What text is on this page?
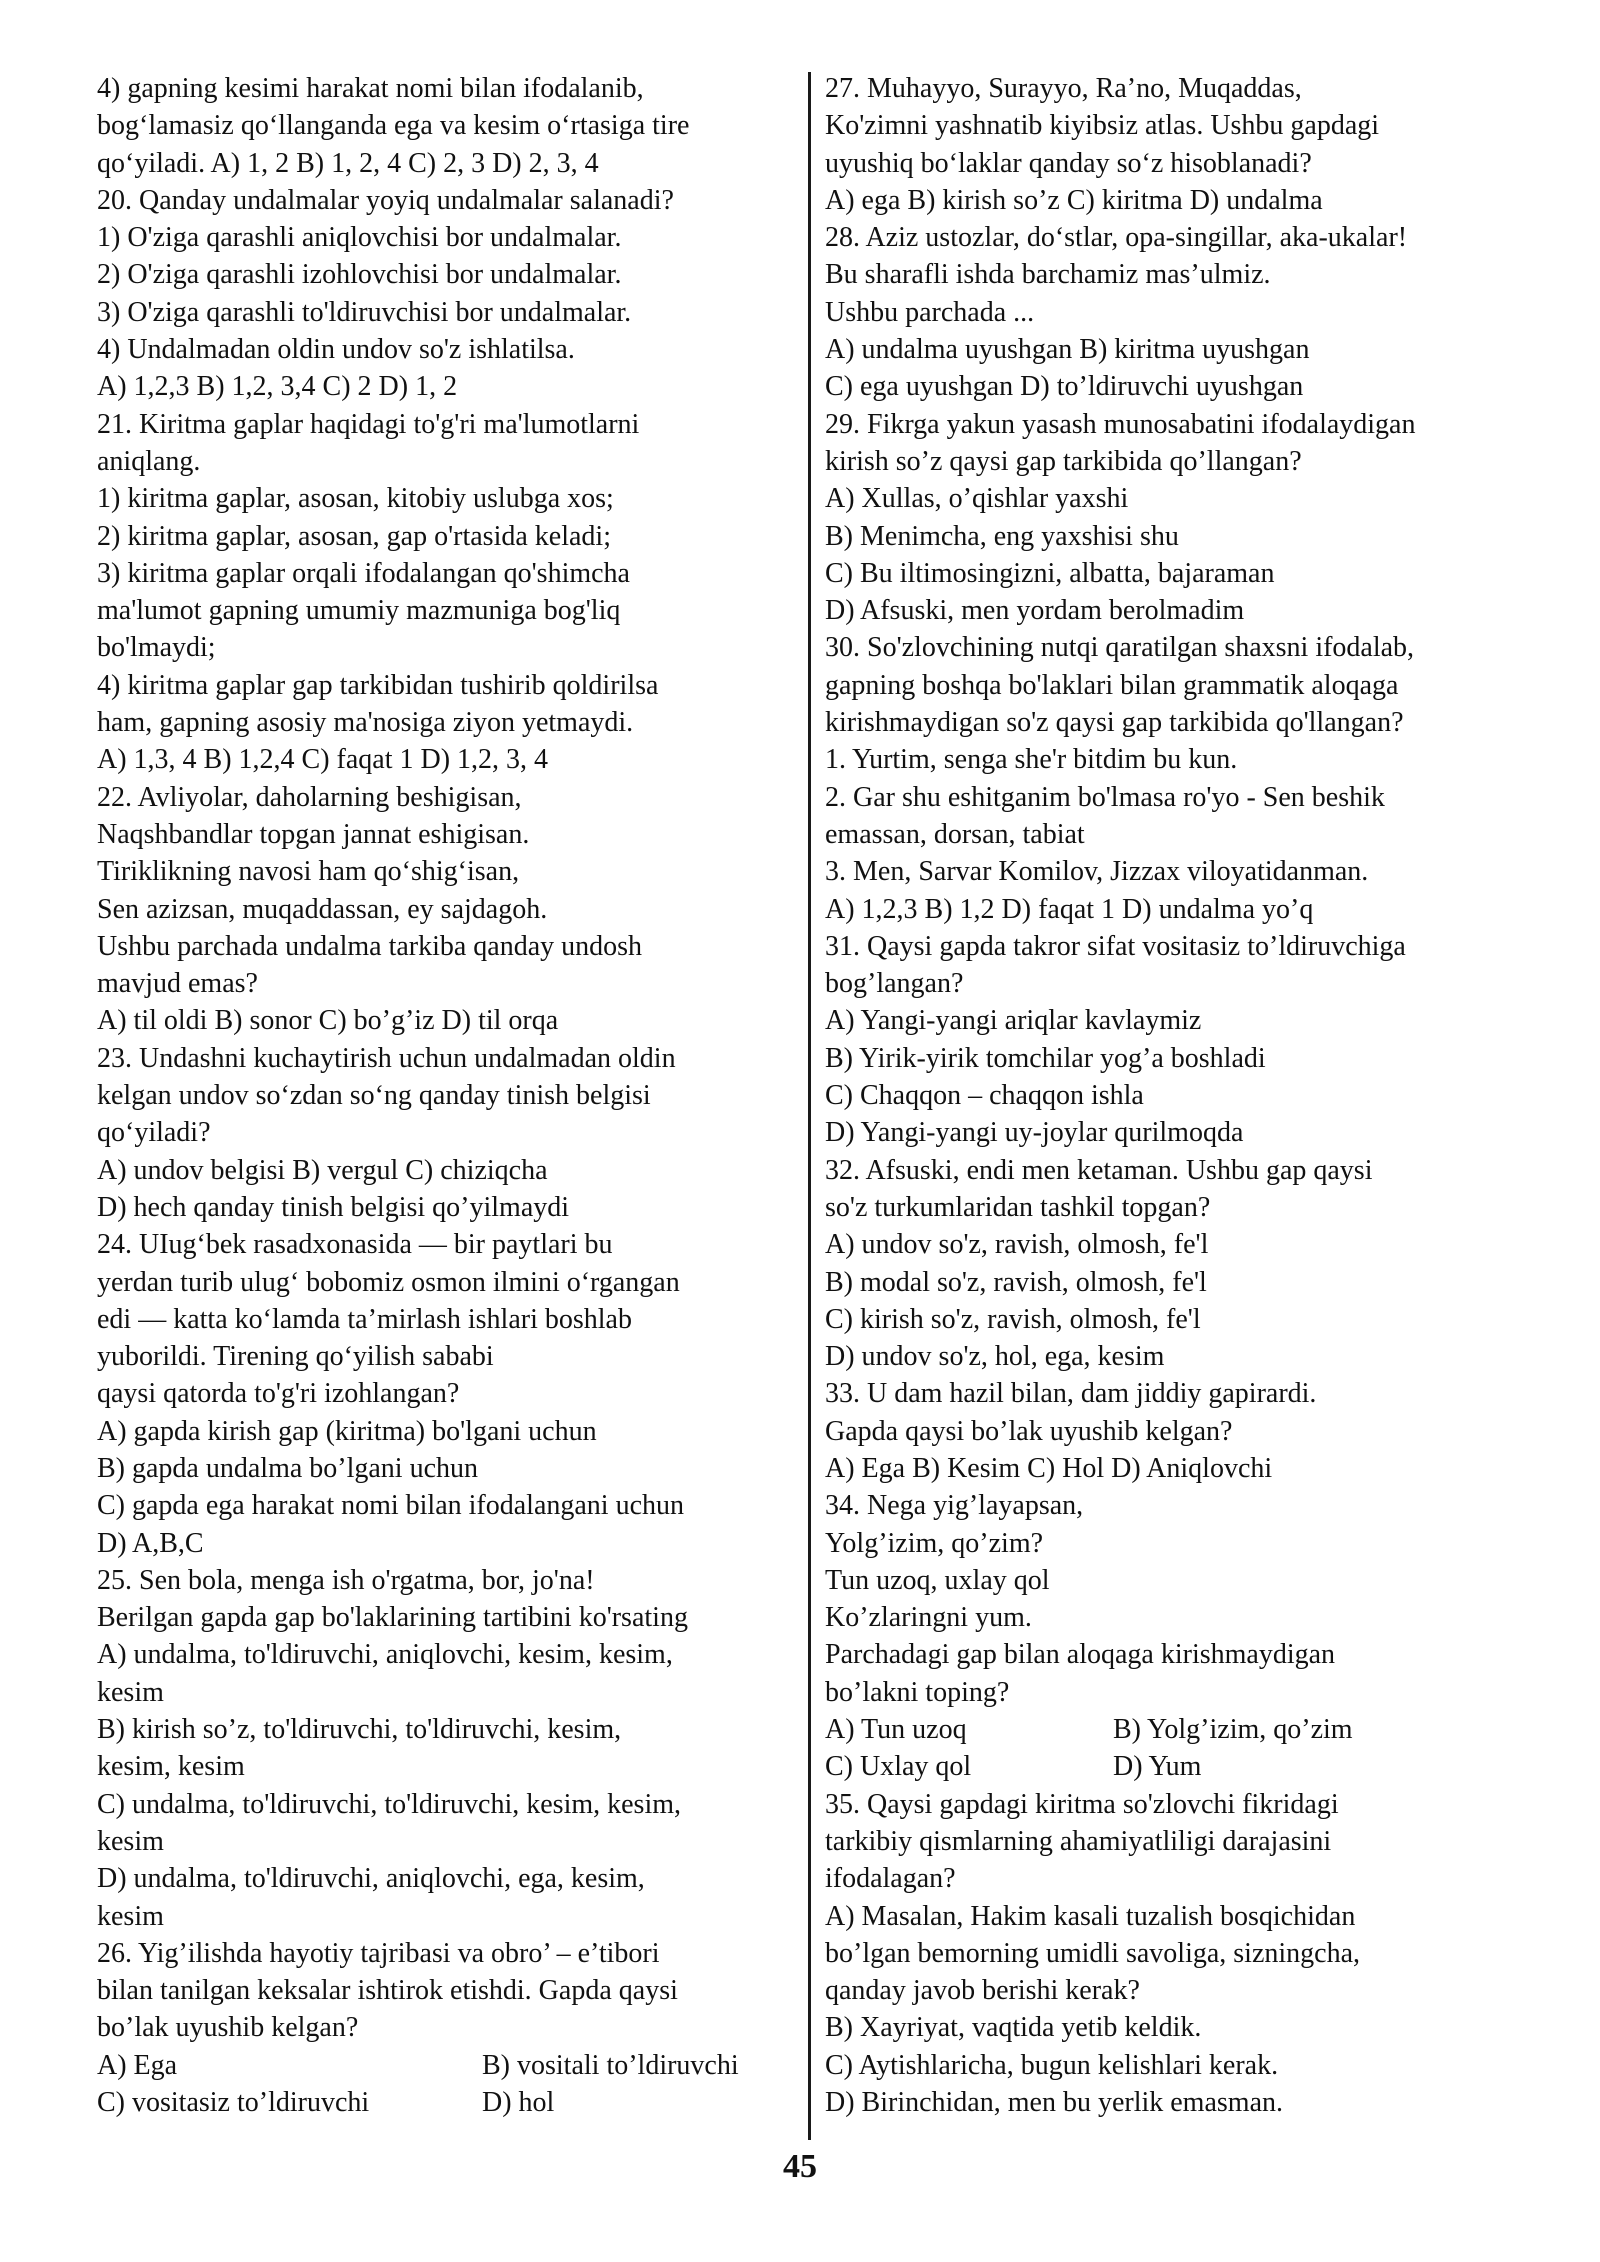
4) gapning kesimi harakat nomi bilan ifodalanib,
bog‘lamasiz qo‘llanganda ega va kesim o‘rtasiga tire
qo‘yiladi. A) 1, 2 B) 1, 2, 4 C) 2, 3 D) 2, 3, 4
20. Qanday undalmalar yoyiq undalmalar salanadi?
1) O'ziga qarashli aniqlovchisi bor undalmalar.
2) O'ziga qarashli izohlovchisi bor undalmalar.
3) O'ziga qarashli to'ldiruvchisi bor undalmalar.
4) Undalmadan oldin undov so'z ishlatilsa.
A) 1,2,3 B) 1,2, 3,4 C) 2 D) 1, 2
21. Kiritma gaplar haqidagi to'g'ri ma'lumotlarni
aniqlang.
1) kiritma gaplar, asosan, kitobiy uslubga xos;
2) kiritma gaplar, asosan, gap o'rtasida keladi;
3) kiritma gaplar orqali ifodalangan qo'shimcha
ma'lumot gapning umumiy mazmuniga bog'liq
bo'lmaydi;
4) kiritma gaplar gap tarkibidan tushirib qoldirilsa
ham, gapning asosiy ma'nosiga ziyon yetmaydi.
A) 1,3, 4 B) 1,2,4 C) faqat 1 D) 1,2, 3, 4
22. Avliyolar, daholarning beshigisan,
Naqshbandlar topgan jannat eshigisan.
Tiriklikning navosi ham qo‘shig‘isan,
Sen azizsan, muqaddassan, ey sajdagoh.
Ushbu parchada undalma tarkiba qanday undosh
mavjud emas?
A) til oldi B) sonor C) bo’g’iz D) til orqa
23. Undashni kuchaytirish uchun undalmadan oldin
kelgan undov so‘zdan so‘ng qanday tinish belgisi
qo‘yiladi?
A) undov belgisi B) vergul C) chiziqcha
D) hech qanday tinish belgisi qo’yilmaydi
24. UIug‘bek rasadxonasida — bir paytlari bu
yerdan turib ulug‘ bobomiz osmon ilmini o‘rgangan
edi — katta ko‘lamda ta’mirlash ishlari boshlab
yuborildi. Tirening qo‘yilish sababi
qaysi qatorda to'g'ri izohlangan?
A) gapda kirish gap (kiritma) bo'lgani uchun
B) gapda undalma bo’lgani uchun
C) gapda ega harakat nomi bilan ifodalangani uchun
D) A,B,C
25. Sen bola, menga ish o'rgatma, bor, jo'na!
Berilgan gapda gap bo'laklarining tartibini ko'rsating
A) undalma, to'ldiruvchi, aniqlovchi, kesim, kesim,
kesim
B) kirish so’z, to'ldiruvchi, to'ldiruvchi, kesim,
kesim, kesim
C) undalma, to'ldiruvchi, to'ldiruvchi, kesim, kesim,
kesim
D) undalma, to'ldiruvchi, aniqlovchi, ega, kesim,
kesim
26. Yig’ilishda hayotiy tajribasi va obro’ – e’tibori
bilan tanilgan keksalar ishtirok etishdi. Gapda qaysi
bo’lak uyushib kelgan?
A) Ega	B) vositali to’ldiruvchi
C) vositasiz to’ldiruvchi	D) hol
27. Muhayyo, Surayyo, Ra’no, Muqaddas,
Ko'zimni yashnatib kiyibsiz atlas. Ushbu gapdagi
uyushiq bo‘laklar qanday so‘z hisoblanadi?
A) ega B) kirish so’z C) kiritma D) undalma
28. Aziz ustozlar, do‘stlar, opa-singillar, aka-ukalar!
Bu sharafli ishda barchamiz mas’ulmiz.
Ushbu parchada ...
A) undalma uyushgan B) kiritma uyushgan
C) ega uyushgan D) to’ldiruvchi uyushgan
29. Fikrga yakun yasash munosabatini ifodalaydigan
kirish so’z qaysi gap tarkibida qo’llangan?
A) Xullas, o’qishlar yaxshi
B) Menimcha, eng yaxshisi shu
C) Bu iltimosingizni, albatta, bajaraman
D) Afsuski, men yordam berolmadim
30. So'zlovchining nutqi qaratilgan shaxsni ifodalab,
gapning boshqa bo'laklari bilan grammatik aloqaga
kirishmaydigan so'z qaysi gap tarkibida qo'llangan?
1. Yurtim, senga she'r bitdim bu kun.
2. Gar shu eshitganim bo'lmasa ro'yo - Sen beshik
emassan, dorsan, tabiat
3. Men, Sarvar Komilov, Jizzax viloyatidanman.
A) 1,2,3 B) 1,2 D) faqat 1 D) undalma yo’q
31. Qaysi gapda takror sifat vositasiz to’ldiruvchiga
bog’langan?
A) Yangi-yangi ariqlar kavlaymiz
B) Yirik-yirik tomchilar yog’a boshladi
C) Chaqqon – chaqqon ishla
D) Yangi-yangi uy-joylar qurilmoqda
32. Afsuski, endi men ketaman. Ushbu gap qaysi
so'z turkumlaridan tashkil topgan?
A) undov so'z, ravish, olmosh, fe'l
B) modal so'z, ravish, olmosh, fe'l
C) kirish so'z, ravish, olmosh, fe'l
D) undov so'z, hol, ega, kesim
33. U dam hazil bilan, dam jiddiy gapirardi.
Gapda qaysi bo’lak uyushib kelgan?
A) Ega B) Kesim C) Hol D) Aniqlovchi
34. Nega yig’layapsan,
Yolg’izim, qo’zim?
Tun uzoq, uxlay qol
Ko’zlaringni yum.
Parchadagi gap bilan aloqaga kirishmaydigan
bo’lakni toping?
A) Tun uzoq	B) Yolg’izim, qo’zim
C) Uxlay qol	D) Yum
35. Qaysi gapdagi kiritma so'zlovchi fikridagi
tarkibiy qismlarning ahamiyatliligi darajasini
ifodalagan?
A) Masalan, Hakim kasali tuzalish bosqichidan
bo’lgan bemorning umidli savoliga, sizningcha,
qanday javob berishi kerak?
B) Xayriyat, vaqtida yetib keldik.
C) Aytishlaricha, bugun kelishlari kerak.
D) Birinchidan, men bu yerlik emasman.
45
